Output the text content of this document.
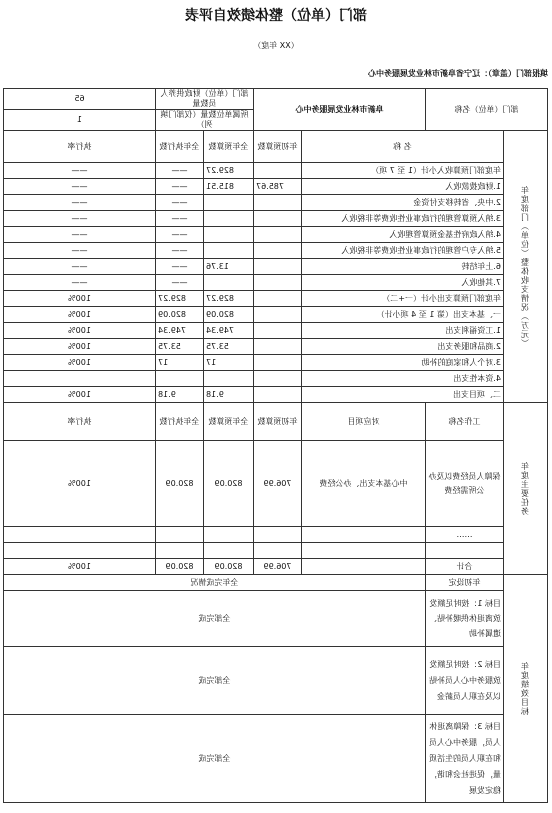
部门（单位）整体绩效自评表
（XX 年度）
填报部门（盖章）：辽宁省阜新市林业发展服务中心
部门（单位）名称		阜新市林业发展服务中心		部门（单位）财政供养人员数量		65
				所属单位数量（仅部门填列）		1
年度部门（单位）整体收支情况（万元）	名 称		年初预算数	全年预算数	全年执行数	执行率
	年度部门预算收入小计（1 至 7 项）			829.27	——	——
	1.财政拨款收入		785.67	815.51	——	——
	2.中央、省转移支付资金				——	——
	3.纳入预算管理的行政事业性收费等非税收入				——	——
	4.纳入政府性基金预算管理收入				——	——
	5.纳入专户管理的行政事业性收费等非税收入				——	——
	6.上年结转			13.76	——	——
	7.其他收入				——	——
	年度部门预算支出小计（一+二）			829.27	829.27	100%
	一、基本支出（第 1 至 4 项小计）			820.09	820.09	100%
	1.工资福利支出			749.34	749.34	100%
	2.商品和服务支出			53.75	53.75	100%
	3.对个人和家庭的补助			17	17	100%
	4.资本性支出					
	二、项目支出			9.18	9.18	100%
年度主要任务	工作名称	对应项目	年初预算数	全年预算数	全年执行数	执行率
	保障人员经费以及办公所需经费	中心基本支出、办公经费	706.99	820.09	820.09	100%
	……					

	合计		706.99	820.09	820.09	100%
年度绩效目标	年初设定	全年完成情况				
	目标 1：按时足额发放离退休供暖补贴、遗属补助	全部完成				
	目标 2：按时足额发放服务中心人员补贴以及在职人员薪金	全部完成				
	目标 3：保障离退休人员，服务中心人员和在职人员的生活质量，促进社会和谐，稳定发展	全部完成				
